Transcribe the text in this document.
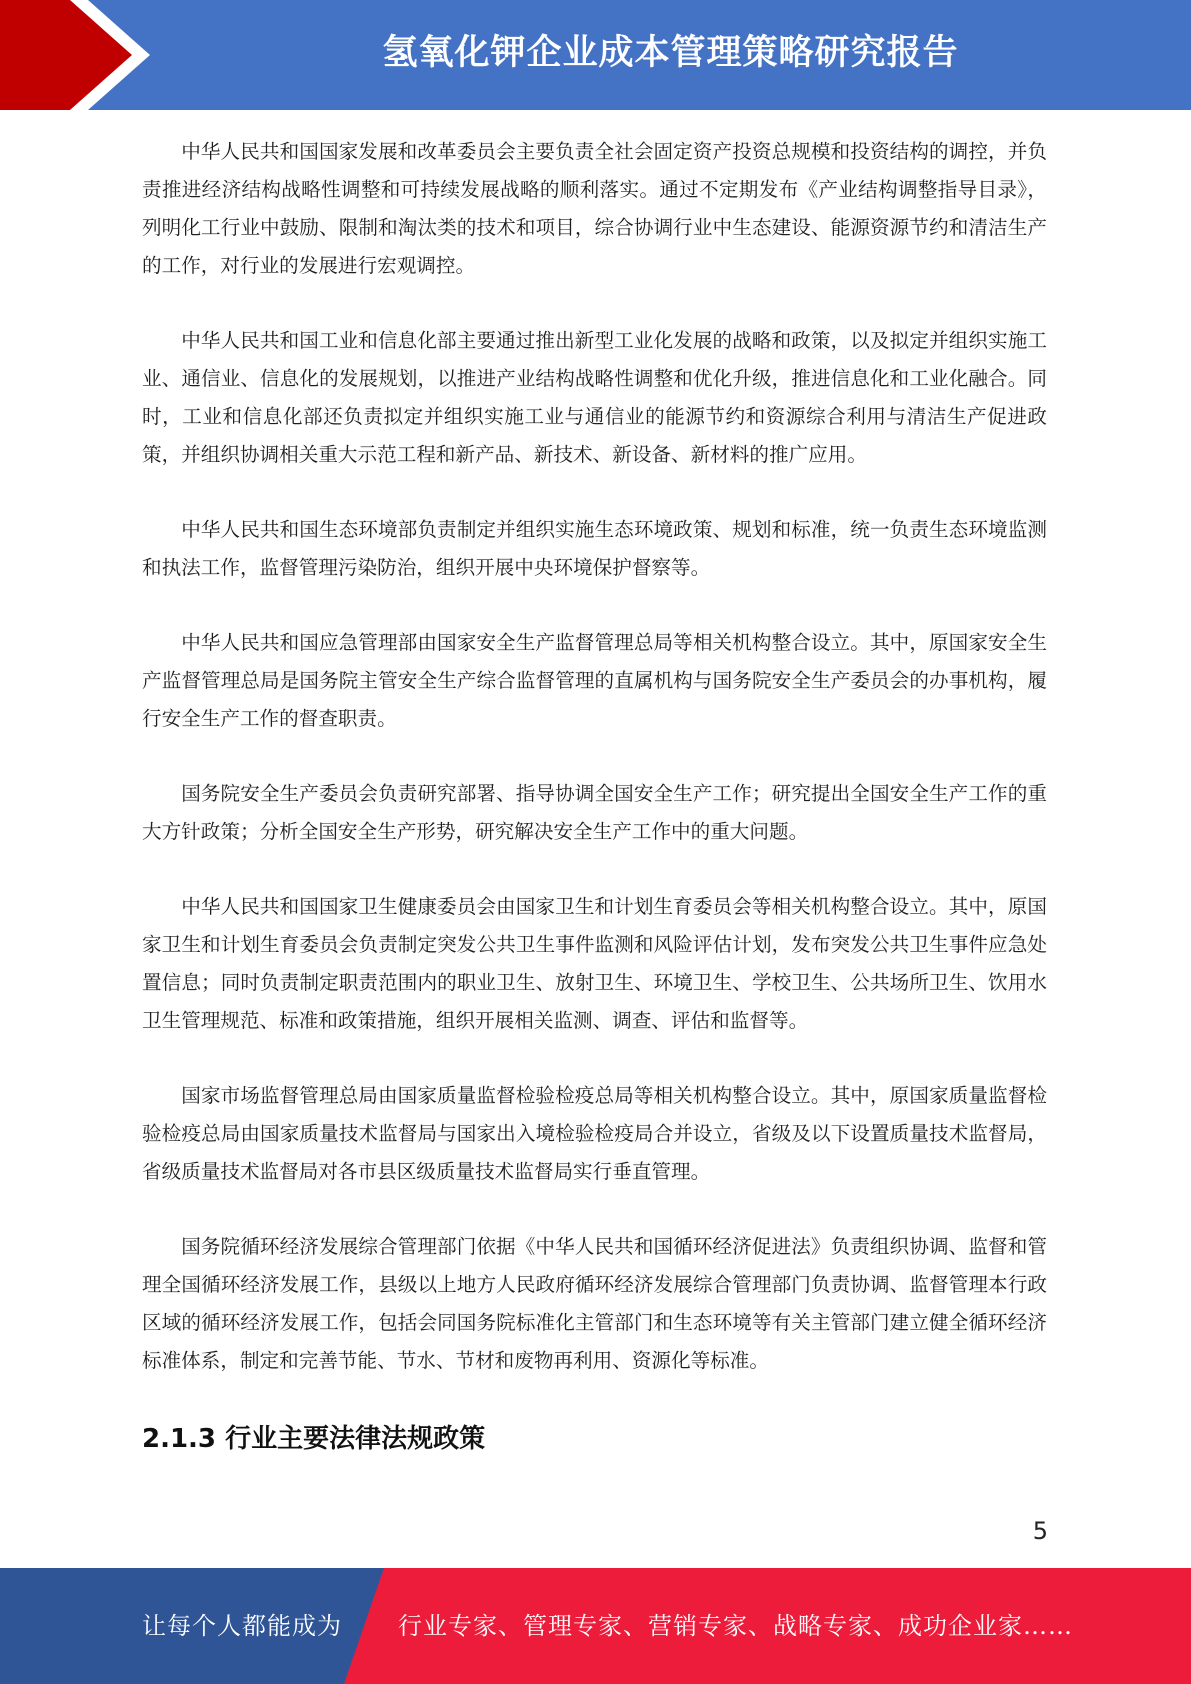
氢氧化钾企业成本管理策略研究报告

中华人民共和国国家发展和改革委员会主要负责全社会固定资产投资总规模和投资结构的调控，并负责推进经济结构战略性调整和可持续发展战略的顺利落实。通过不定期发布《产业结构调整指导目录》，列明化工行业中鼓励、限制和淘汰类的技术和项目，综合协调行业中生态建设、能源资源节约和清洁生产的工作，对行业的发展进行宏观调控。

中华人民共和国工业和信息化部主要通过推出新型工业化发展的战略和政策，以及拟定并组织实施工业、通信业、信息化的发展规划，以推进产业结构战略性调整和优化升级，推进信息化和工业化融合。同时，工业和信息化部还负责拟定并组织实施工业与通信业的能源节约和资源综合利用与清洁生产促进政策，并组织协调相关重大示范工程和新产品、新技术、新设备、新材料的推广应用。

中华人民共和国生态环境部负责制定并组织实施生态环境政策、规划和标准，统一负责生态环境监测和执法工作，监督管理污染防治，组织开展中央环境保护督察等。

中华人民共和国应急管理部由国家安全生产监督管理总局等相关机构整合设立。其中，原国家安全生产监督管理总局是国务院主管安全生产综合监督管理的直属机构与国务院安全生产委员会的办事机构，履行安全生产工作的督查职责。

国务院安全生产委员会负责研究部署、指导协调全国安全生产工作；研究提出全国安全生产工作的重大方针政策；分析全国安全生产形势，研究解决安全生产工作中的重大问题。

中华人民共和国国家卫生健康委员会由国家卫生和计划生育委员会等相关机构整合设立。其中，原国家卫生和计划生育委员会负责制定突发公共卫生事件监测和风险评估计划，发布突发公共卫生事件应急处置信息；同时负责制定职责范围内的职业卫生、放射卫生、环境卫生、学校卫生、公共场所卫生、饮用水卫生管理规范、标准和政策措施，组织开展相关监测、调查、评估和监督等。

国家市场监督管理总局由国家质量监督检验检疫总局等相关机构整合设立。其中，原国家质量监督检验检疫总局由国家质量技术监督局与国家出入境检验检疫局合并设立，省级及以下设置质量技术监督局，省级质量技术监督局对各市县区级质量技术监督局实行垂直管理。

国务院循环经济发展综合管理部门依据《中华人民共和国循环经济促进法》负责组织协调、监督和管理全国循环经济发展工作，县级以上地方人民政府循环经济发展综合管理部门负责协调、监督管理本行政区域的循环经济发展工作，包括会同国务院标准化主管部门和生态环境等有关主管部门建立健全循环经济标准体系，制定和完善节能、节水、节材和废物再利用、资源化等标准。

2.1.3 行业主要法律法规政策
5
让每个人都能成为 行业专家、管理专家、营销专家、战略专家、成功企业家……
